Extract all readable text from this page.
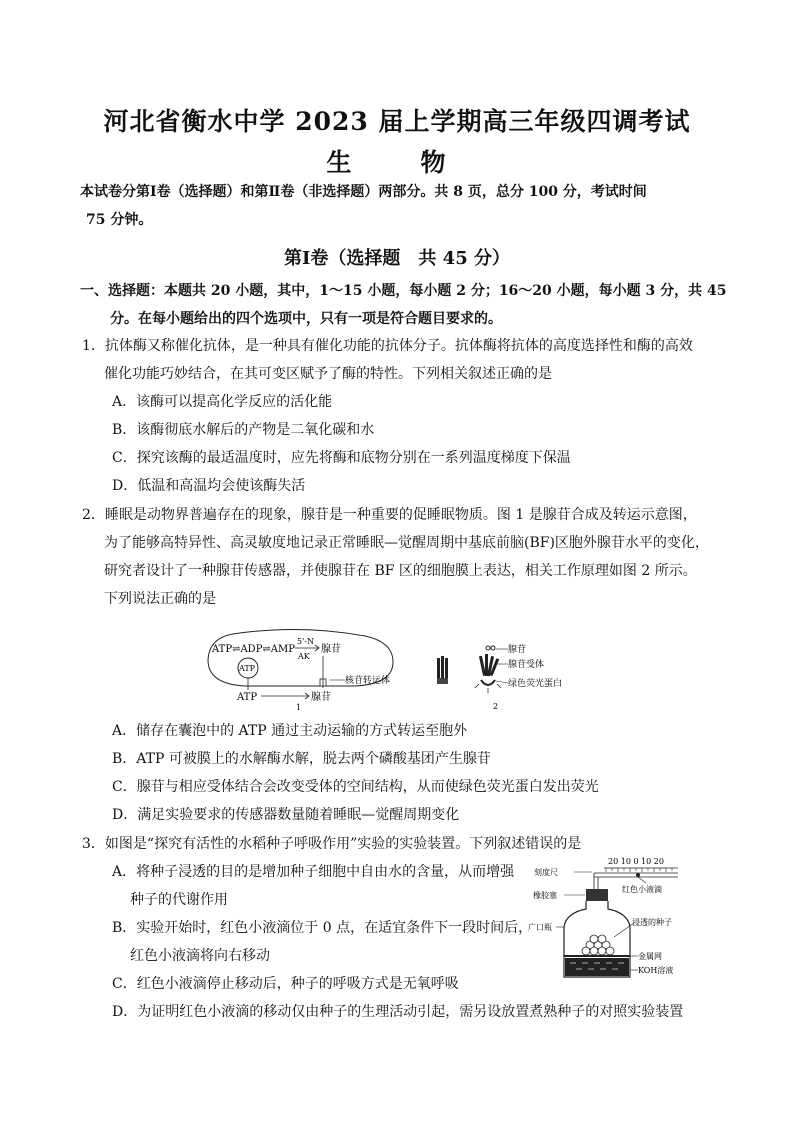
河北省衡水中学 2023 届上学期高三年级四调考试
生　物
本试卷分第Ⅰ卷（选择题）和第Ⅱ卷（非选择题）两部分。共 8 页，总分 100 分，考试时间
75 分钟。
第Ⅰ卷（选择题　共 45 分）
一、选择题：本题共 20 小题，其中，1～15 小题，每小题 2 分；16～20 小题，每小题 3 分，共 45
分。在每小题给出的四个选项中，只有一项是符合题目要求的。
1．抗体酶又称催化抗体，是一种具有催化功能的抗体分子。抗体酶将抗体的高度选择性和酶的高效
催化功能巧妙结合，在其可变区赋予了酶的特性。下列相关叙述正确的是
A．该酶可以提高化学反应的活化能
B．该酶彻底水解后的产物是二氧化碳和水
C．探究该酶的最适温度时，应先将酶和底物分别在一系列温度梯度下保温
D．低温和高温均会使该酶失活
2．睡眠是动物界普遍存在的现象，腺苷是一种重要的促睡眠物质。图 1 是腺苷合成及转运示意图，
为了能够高特异性、高灵敏度地记录正常睡眠—觉醒周期中基底前脑(BF)区胞外腺苷水平的变化，
研究者设计了一种腺苷传感器，并使腺苷在 BF 区的细胞膜上表达，相关工作原理如图 2 所示。
下列说法正确的是
ATP⇌ADP⇌AMP
5'-N
AK
腺苷
ATP
ATP	腺苷
核苷转运体
1
腺苷
腺苷受体
绿色荧光蛋白
2
A．储存在囊泡中的 ATP 通过主动运输的方式转运至胞外
B．ATP 可被膜上的水解酶水解，脱去两个磷酸基团产生腺苷
C．腺苷与相应受体结合会改变受体的空间结构，从而使绿色荧光蛋白发出荧光
D．满足实验要求的传感器数量随着睡眠—觉醒周期变化
3．如图是“探究有活性的水稻种子呼吸作用”实验的实验装置。下列叙述错误的是
A．将种子浸透的目的是增加种子细胞中自由水的含量，从而增强
种子的代谢作用
B．实验开始时，红色小液滴位于 0 点，在适宜条件下一段时间后，
红色小液滴将向右移动
C．红色小液滴停止移动后，种子的呼吸方式是无氧呼吸
D．为证明红色小液滴的移动仅由种子的生理活动引起，需另设放置煮熟种子的对照实验装置
20 10 0 10 20
刻度尺
红色小液滴
橡胶塞
广口瓶
浸透的种子
金属网
KOH溶液
